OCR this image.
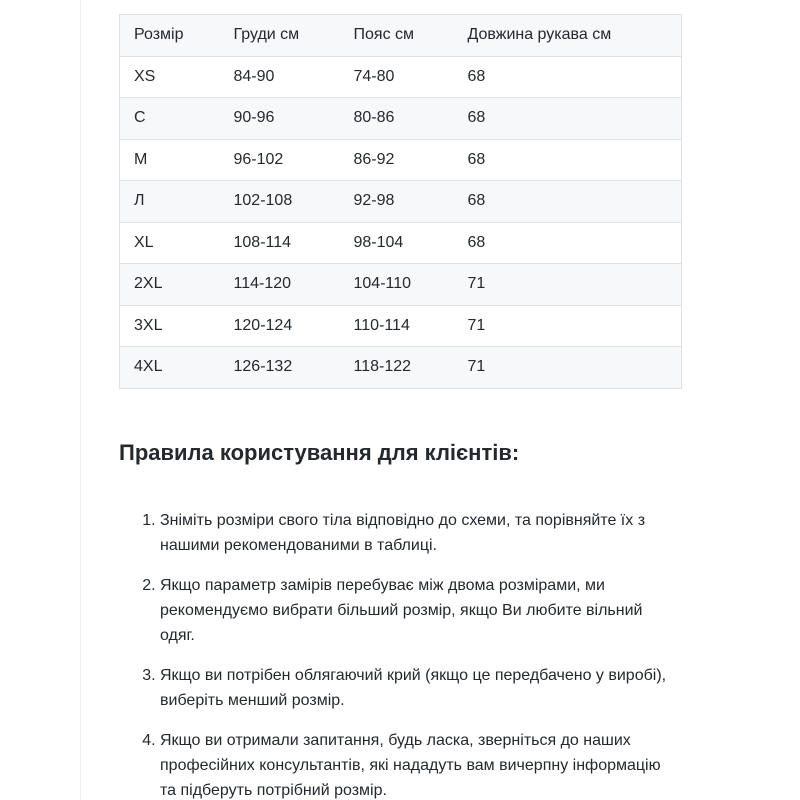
Розмір	Груди см	Пояс см	Довжина рукава см
XS	84-90	74-80	68
С	90-96	80-86	68
M	96-102	86-92	68
Л	102-108	92-98	68
XL	108-114	98-104	68
2XL	114-120	104-110	71
3XL	120-124	110-114	71
4XL	126-132	118-122	71
Правила користування для клієнтів:
1. Зніміть розміри свого тіла відповідно до схеми, та порівняйте їх з нашими рекомендованими в таблиці.
2. Якщо параметр замірів перебуває між двома розмірами, ми рекомендуємо вибрати більший розмір, якщо Ви любите вільний одяг.
3. Якщо ви потрібен облягаючий крий (якщо це передбачено у виробі), виберіть менший розмір.
4. Якщо ви отримали запитання, будь ласка, зверніться до наших професійних консультантів, які нададуть вам вичерпну інформацію та підберуть потрібний розмір.
